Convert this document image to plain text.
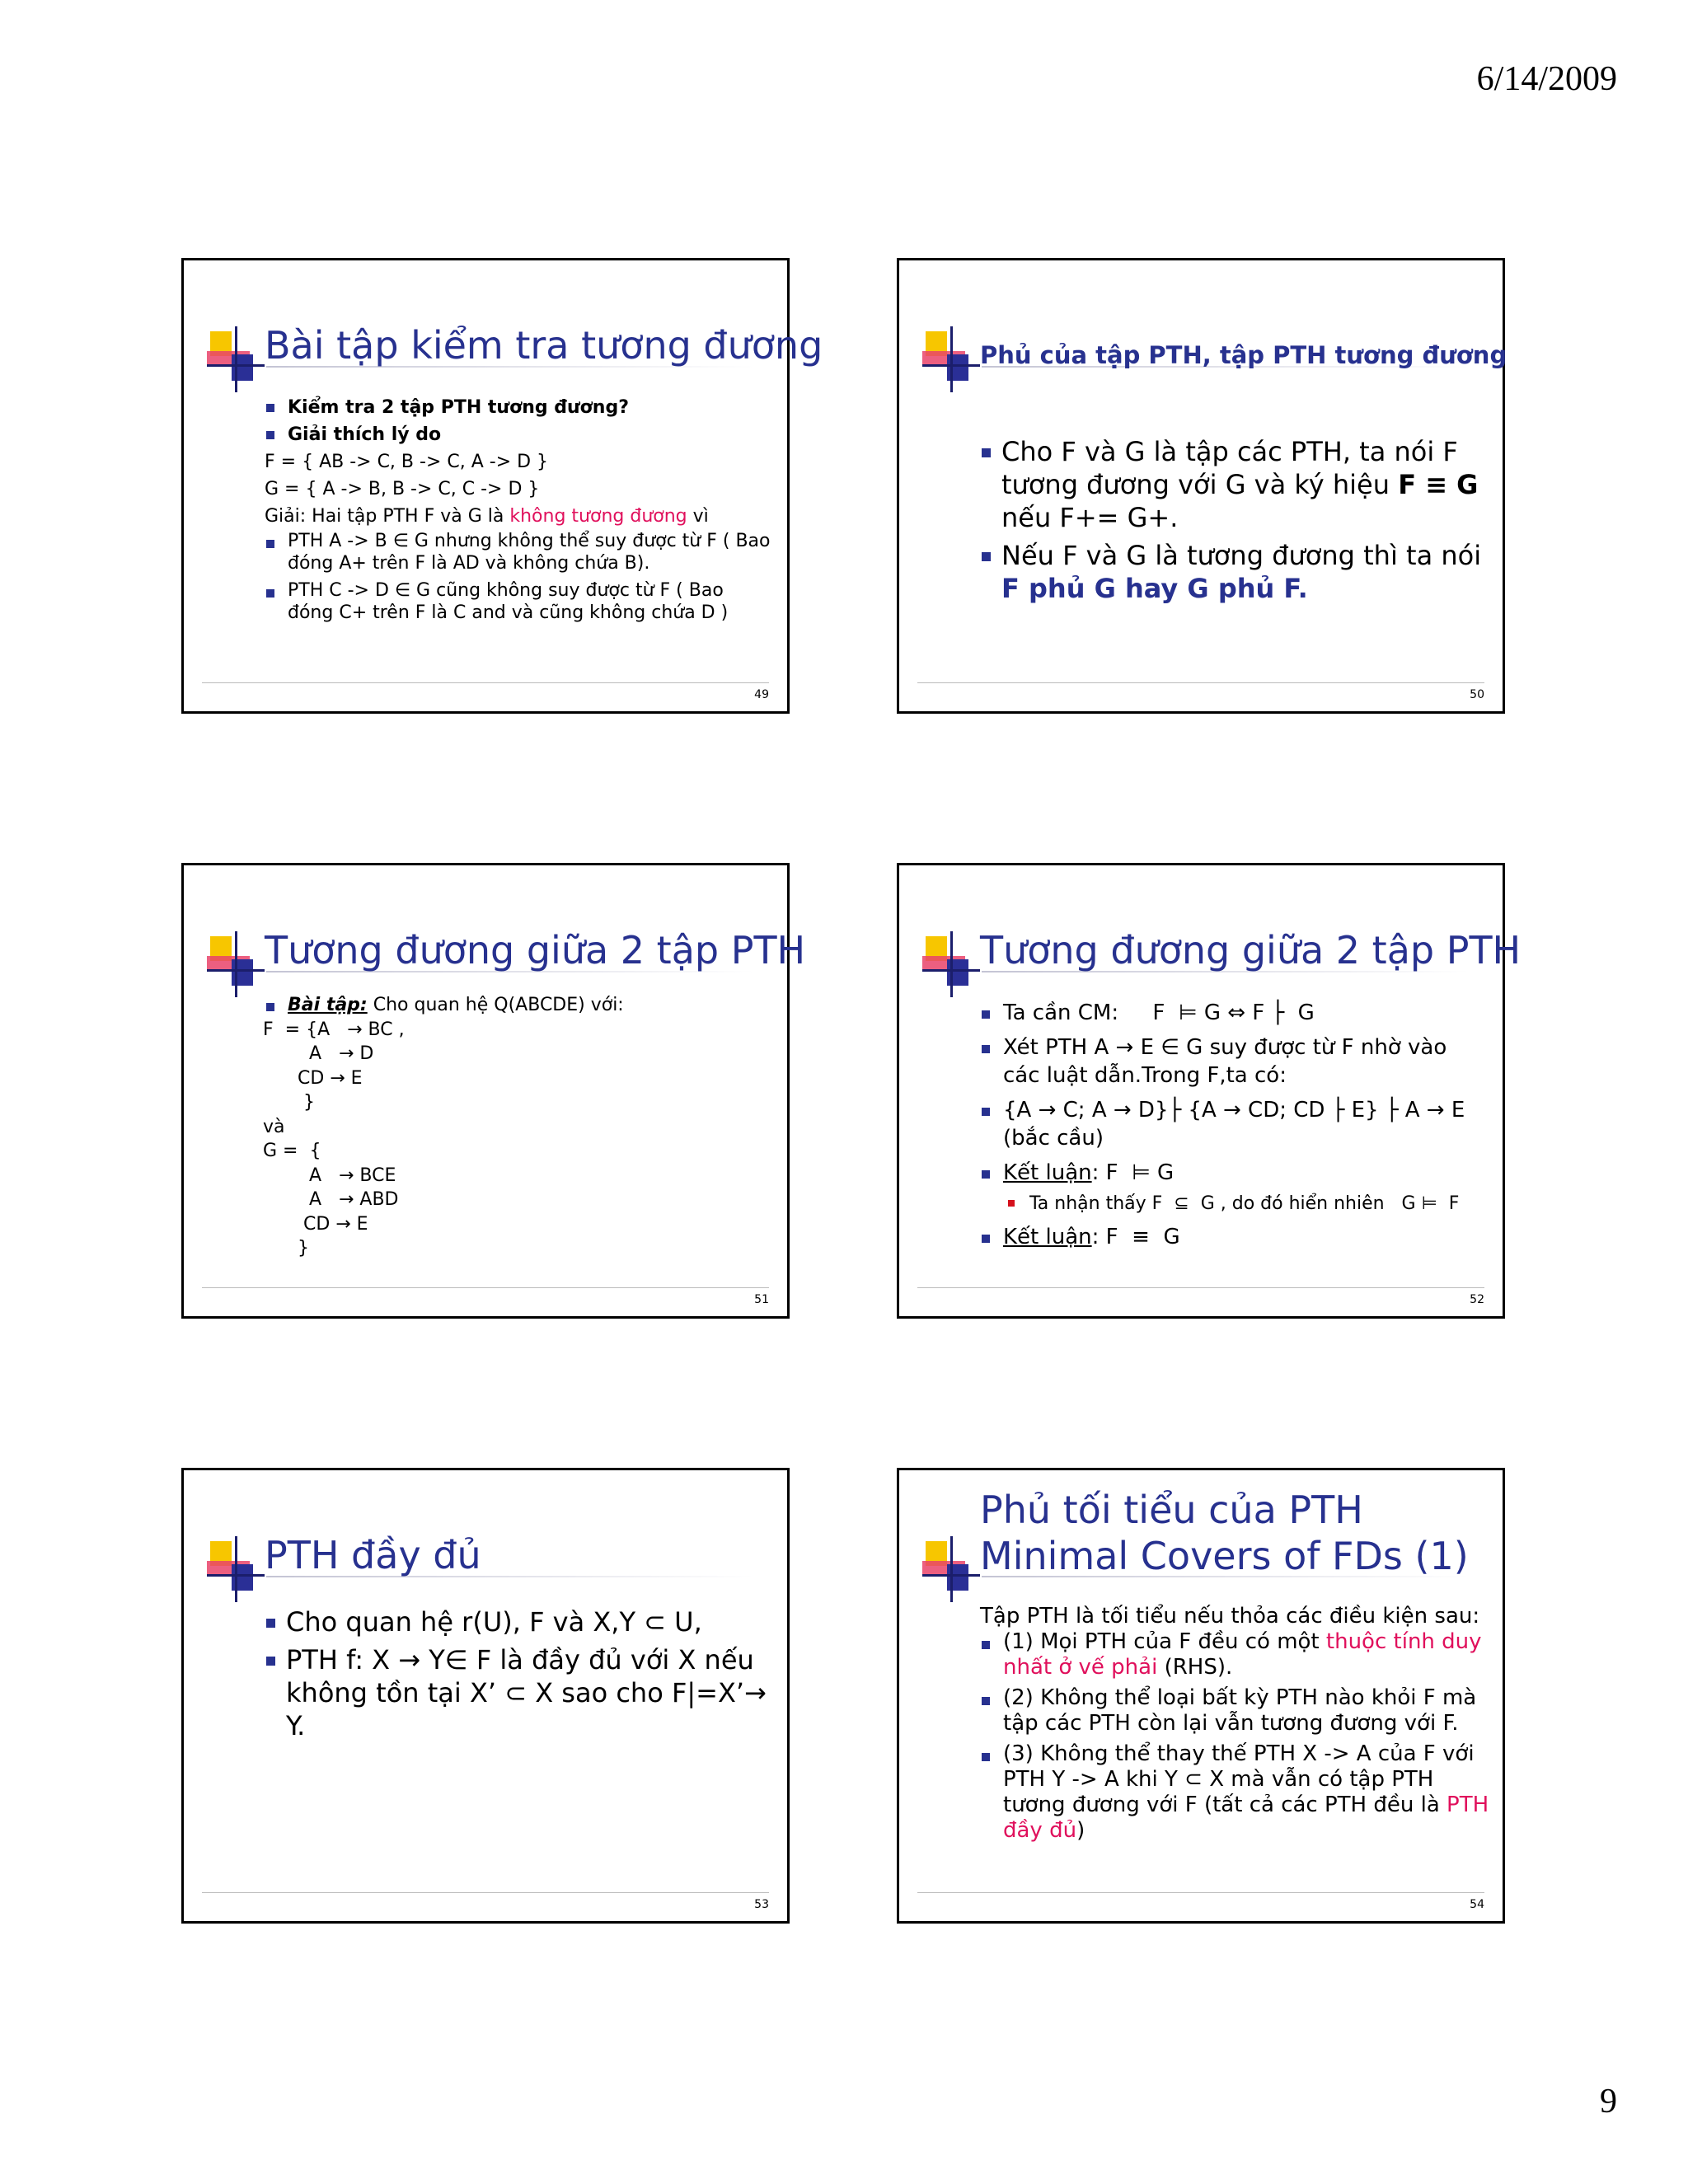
6/14/2009
Bài tập kiểm tra tương đương
Kiểm tra 2 tập PTH tương đương?
Giải thích lý do
F = { AB -> C, B -> C, A -> D }
G = { A -> B, B -> C, C -> D }
Giải: Hai tập PTH F và G là không tương đương vì
PTH A -> B ∈ G nhưng không thể suy được từ F ( Bao đóng A+ trên F là AD và không chứa B).
PTH C -> D ∈ G cũng không suy được từ F ( Bao đóng C+ trên F là C and và cũng không chứa D )
49
Phủ của tập PTH, tập PTH tương đương
Cho F và G là tập các PTH, ta nói F tương đương với G và ký hiệu F ≡ G nếu F+= G+.
Nếu F và G là tương đương thì ta nói F phủ G hay G phủ F.
50
Tương đương giữa 2 tập PTH
Bài tập: Cho quan hệ Q(ABCDE) với:
F  = {A   → BC ,
A   → D
CD → E
}
và
G =  {
A   → BCE
A   → ABD
CD → E
}
51
Tương đương giữa 2 tập PTH
Ta cần CM:     F  ⊨ G ⇔ F ├  G
Xét PTH A → E ∈ G suy được từ F nhờ vào các luật dẫn.Trong F,ta có:
{A → C; A → D}├ {A → CD; CD ├ E} ├ A → E (bắc cầu)
Kết luận: F  ⊨ G
Ta nhận thấy F  ⊆  G , do đó hiển nhiên   G ⊨  F
Kết luận: F  ≡  G
52
PTH đầy đủ
Cho quan hệ r(U), F và X,Y ⊂ U,
PTH f: X → Y∈ F là đầy đủ với X nếu không tồn tại X’ ⊂ X sao cho F|=X’→ Y.
53
Phủ tối tiểu của PTH
Minimal Covers of FDs (1)
Tập PTH là tối tiểu nếu thỏa các điều kiện sau:
(1) Mọi PTH của F đều có một thuộc tính duy nhất ở vế phải (RHS).
(2) Không thể loại bất kỳ PTH nào khỏi F mà tập các PTH còn lại vẫn tương đương với F.
(3) Không thể thay thế PTH X -> A của F với PTH Y -> A khi Y ⊂ X mà vẫn có tập PTH tương đương với F (tất cả các PTH đều là PTH đầy đủ)
54
9
